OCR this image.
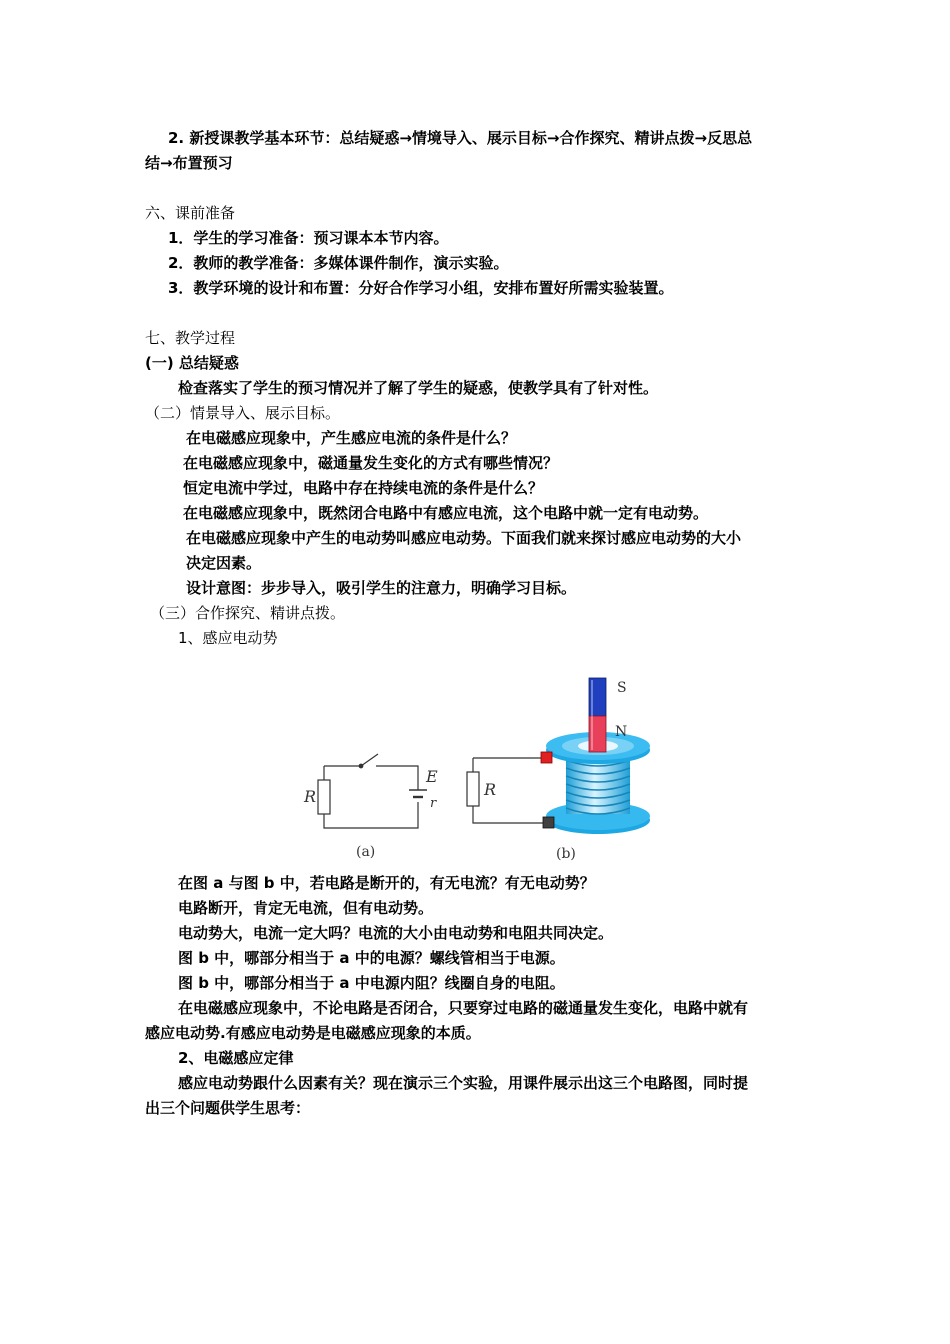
2. 新授课教学基本环节：总结疑惑→情境导入、展示目标→合作探究、精讲点拨→反思总
结→布置预习
六、课前准备
1．学生的学习准备：预习课本本节内容。
2．教师的教学准备：多媒体课件制作，演示实验。
3．教学环境的设计和布置：分好合作学习小组，安排布置好所需实验装置。
七、教学过程
(一) 总结疑惑
检查落实了学生的预习情况并了解了学生的疑惑，使教学具有了针对性。
（二）情景导入、展示目标。
在电磁感应现象中，产生感应电流的条件是什么？
在电磁感应现象中，磁通量发生变化的方式有哪些情况？
恒定电流中学过，电路中存在持续电流的条件是什么？
在电磁感应现象中，既然闭合电路中有感应电流，这个电路中就一定有电动势。
在电磁感应现象中产生的电动势叫感应电动势。下面我们就来探讨感应电动势的大小
决定因素。
设计意图：步步导入，吸引学生的注意力，明确学习目标。
（三）合作探究、精讲点拨。
1、感应电动势
R
E
r
(a)
R
S
N
(b)
在图 a 与图 b 中，若电路是断开的，有无电流？有无电动势？
电路断开，肯定无电流，但有电动势。
电动势大，电流一定大吗？电流的大小由电动势和电阻共同决定。
图 b 中，哪部分相当于 a 中的电源？螺线管相当于电源。
图 b 中，哪部分相当于 a 中电源内阻？线圈自身的电阻。
在电磁感应现象中，不论电路是否闭合，只要穿过电路的磁通量发生变化，电路中就有
感应电动势.有感应电动势是电磁感应现象的本质。
2、电磁感应定律
感应电动势跟什么因素有关？现在演示三个实验，用课件展示出这三个电路图，同时提
出三个问题供学生思考：
